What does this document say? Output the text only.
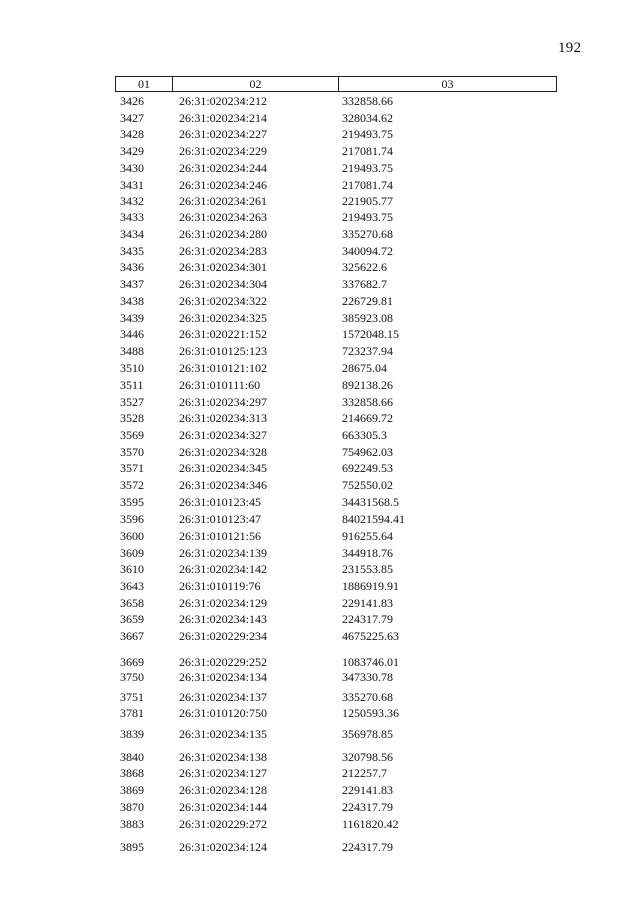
192
01	02	03
3426	26:31:020234:212	332858.66
3427	26:31:020234:214	328034.62
3428	26:31:020234:227	219493.75
3429	26:31:020234:229	217081.74
3430	26:31:020234:244	219493.75
3431	26:31:020234:246	217081.74
3432	26:31:020234:261	221905.77
3433	26:31:020234:263	219493.75
3434	26:31:020234:280	335270.68
3435	26:31:020234:283	340094.72
3436	26:31:020234:301	325622.6
3437	26:31:020234:304	337682.7
3438	26:31:020234:322	226729.81
3439	26:31:020234:325	385923.08
3446	26:31:020221:152	1572048.15
3488	26:31:010125:123	723237.94
3510	26:31:010121:102	28675.04
3511	26:31:010111:60	892138.26
3527	26:31:020234:297	332858.66
3528	26:31:020234:313	214669.72
3569	26:31:020234:327	663305.3
3570	26:31:020234:328	754962.03
3571	26:31:020234:345	692249.53
3572	26:31:020234:346	752550.02
3595	26:31:010123:45	34431568.5
3596	26:31:010123:47	84021594.41
3600	26:31:010121:56	916255.64
3609	26:31:020234:139	344918.76
3610	26:31:020234:142	231553.85
3643	26:31:010119:76	1886919.91
3658	26:31:020234:129	229141.83
3659	26:31:020234:143	224317.79
3667	26:31:020229:234	4675225.63
3669	26:31:020229:252	1083746.01
3750	26:31:020234:134	347330.78
3751	26:31:020234:137	335270.68
3781	26:31:010120:750	1250593.36
3839	26:31:020234:135	356978.85
3840	26:31:020234:138	320798.56
3868	26:31:020234:127	212257.7
3869	26:31:020234:128	229141.83
3870	26:31:020234:144	224317.79
3883	26:31:020229:272	1161820.42
3895	26:31:020234:124	224317.79
